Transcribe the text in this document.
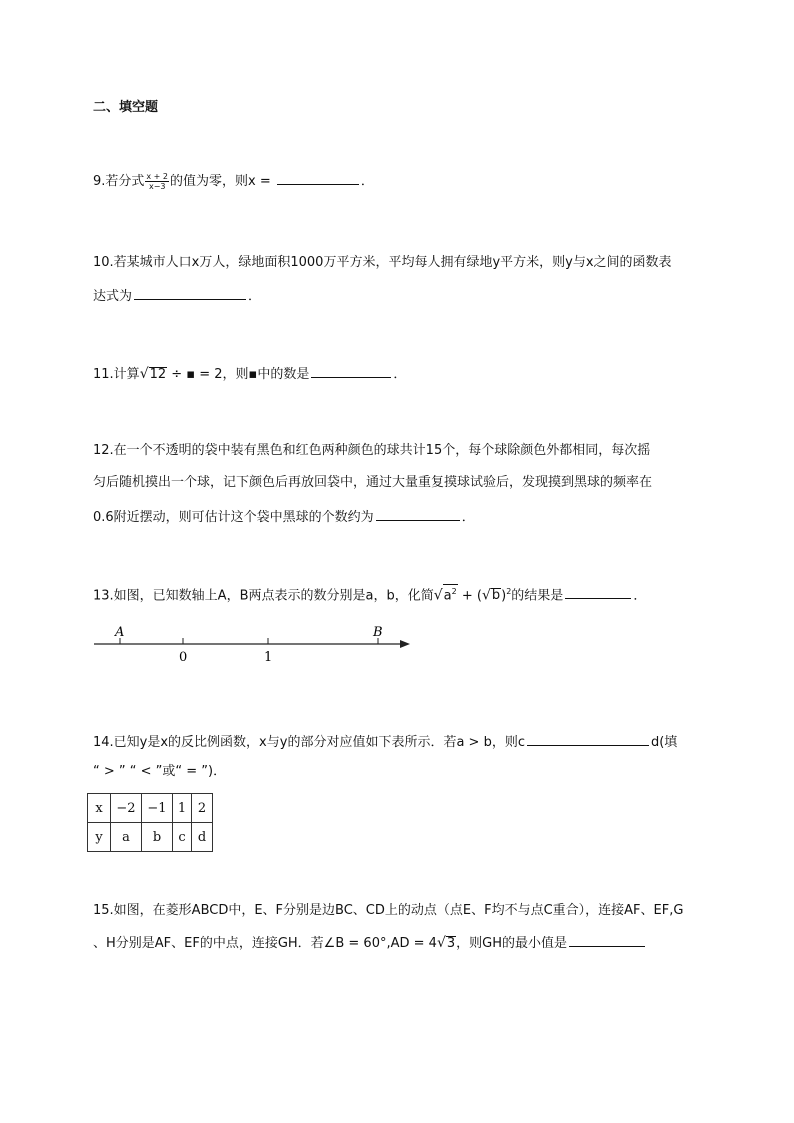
二、填空题
9.若分式 $\frac{x + 2}{x-3}$ 的值为零，则x =	．
10.若某城市人口x万人，绿地面积1000万平方米，平均每人拥有绿地y平方米，则y与x之间的函数表
达式为	．
11.计算√12 ÷ ▪ = 2，则▪中的数是	．
12.在一个不透明的袋中装有黑色和红色两种颜色的球共计15个，每个球除颜色外都相同，每次摇
匀后随机摸出一个球，记下颜色后再放回袋中，通过大量重复摸球试验后，发现摸到黑球的频率在
0.6附近摆动，则可估计这个袋中黑球的个数约为	．
13.如图，已知数轴上A，B两点表示的数分别是a，b，化简$√a^2 + (√b)^2$的结果是	．
A	B
0	1
14.已知y是x的反比例函数，x与y的部分对应值如下表所示．若a > b，则c	d(填
“ > ” “ < ”或“ = ”)．
x	−2	−1	1	2
y	a	b	c	d
15.如图，在菱形ABCD中，E、F分别是边BC、CD上的动点（点E、F均不与点C重合），连接AF、EF,G
、H分别是AF、EF的中点，连接GH．若∠B = 60°,AD = 4√3，则GH的最小值是
